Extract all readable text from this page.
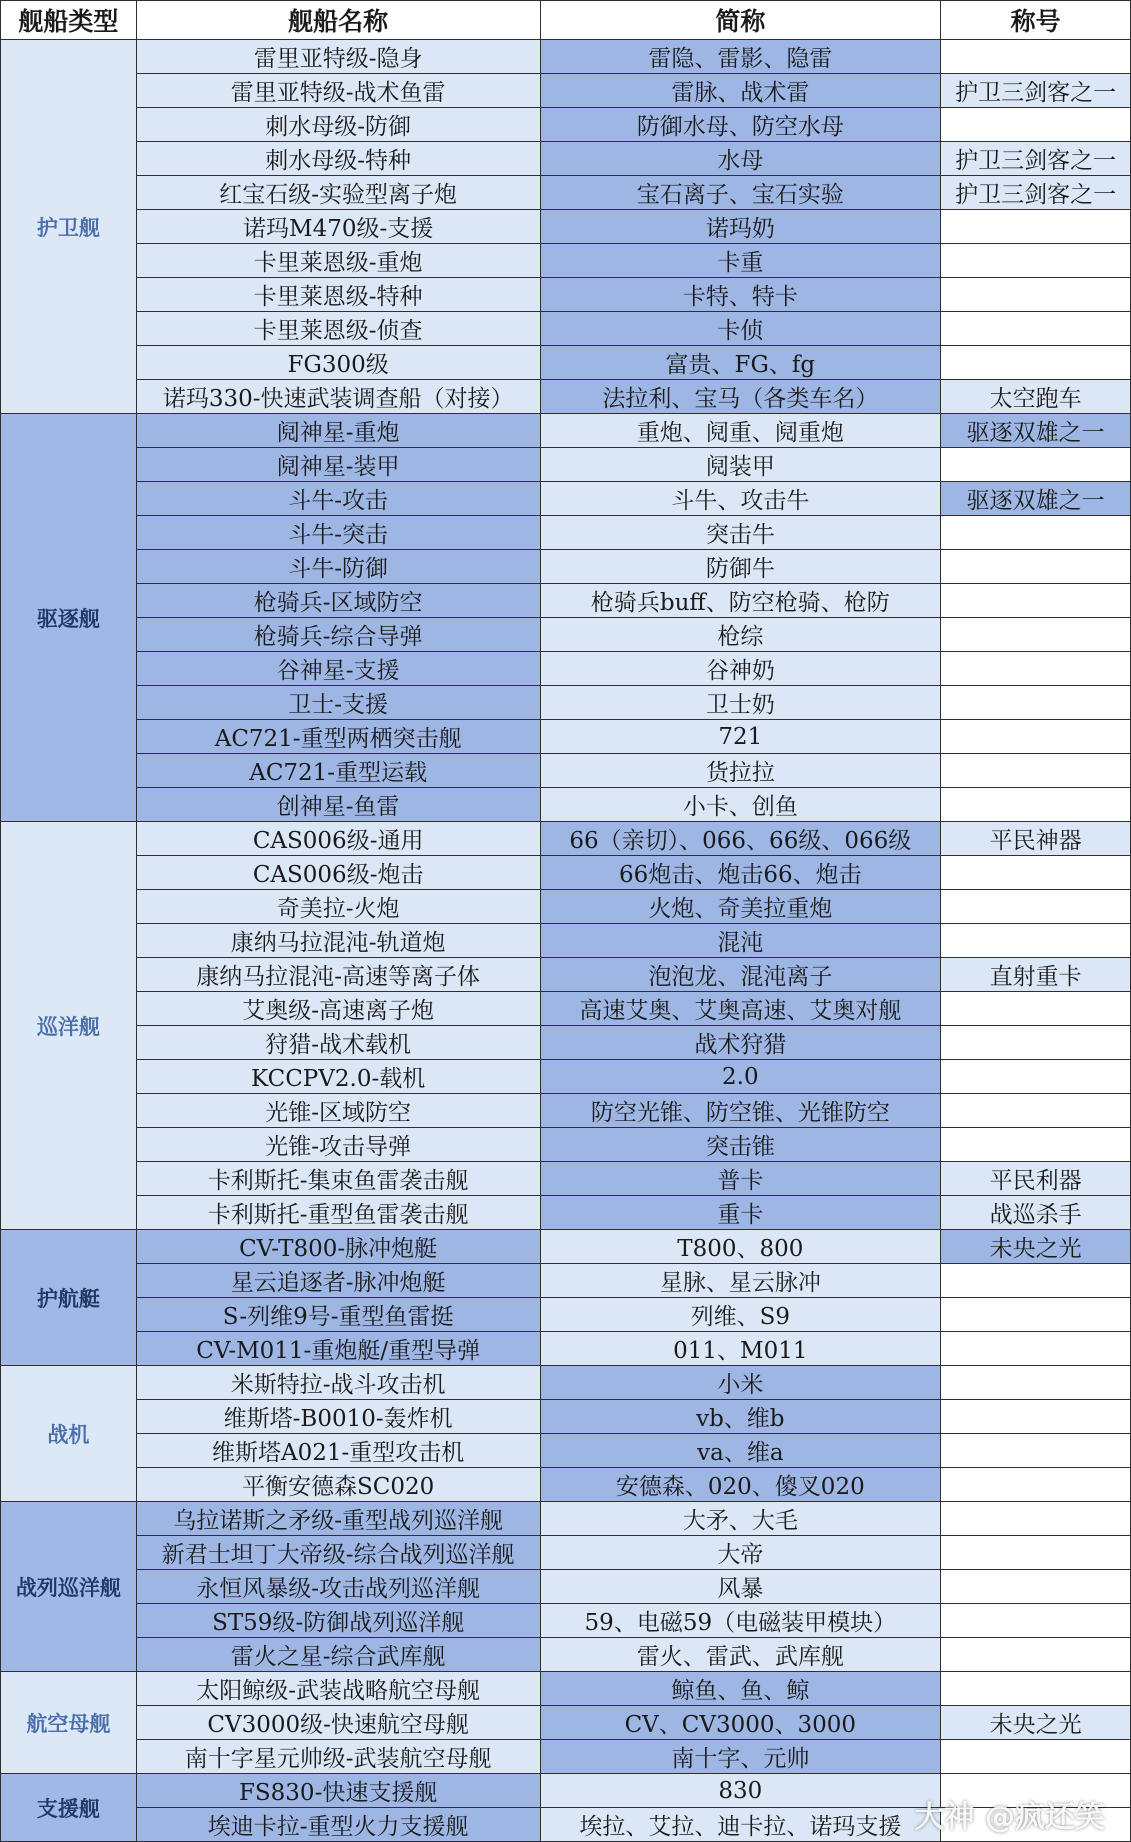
舰船类型	舰船名称	简称	称号
护卫舰	雷里亚特级-隐身	雷隐、雷影、隐雷	
	雷里亚特级-战术鱼雷	雷脉、战术雷	护卫三剑客之一
	刺水母级-防御	防御水母、防空水母	
	刺水母级-特种	水母	护卫三剑客之一
	红宝石级-实验型离子炮	宝石离子、宝石实验	护卫三剑客之一
	诺玛M470级-支援	诺玛奶	
	卡里莱恩级-重炮	卡重	
	卡里莱恩级-特种	卡特、特卡	
	卡里莱恩级-侦查	卡侦	
	FG300级	富贵、FG、fg	
	诺玛330-快速武装调查船（对接）	法拉利、宝马（各类车名）	太空跑车
驱逐舰	阋神星-重炮	重炮、阋重、阋重炮	驱逐双雄之一
	阋神星-装甲	阋装甲	
	斗牛-攻击	斗牛、攻击牛	驱逐双雄之一
	斗牛-突击	突击牛	
	斗牛-防御	防御牛	
	枪骑兵-区域防空	枪骑兵buff、防空枪骑、枪防	
	枪骑兵-综合导弹	枪综	
	谷神星-支援	谷神奶	
	卫士-支援	卫士奶	
	AC721-重型两栖突击舰	721	
	AC721-重型运载	货拉拉	
	创神星-鱼雷	小卡、创鱼	
巡洋舰	CAS006级-通用	66（亲切）、066、66级、066级	平民神器
	CAS006级-炮击	66炮击、炮击66、炮击	
	奇美拉-火炮	火炮、奇美拉重炮	
	康纳马拉混沌-轨道炮	混沌	
	康纳马拉混沌-高速等离子体	泡泡龙、混沌离子	直射重卡
	艾奥级-高速离子炮	高速艾奥、艾奥高速、艾奥对舰	
	狩猎-战术载机	战术狩猎	
	KCCPV2.0-载机	2.0	
	光锥-区域防空	防空光锥、防空锥、光锥防空	
	光锥-攻击导弹	突击锥	
	卡利斯托-集束鱼雷袭击舰	普卡	平民利器
	卡利斯托-重型鱼雷袭击舰	重卡	战巡杀手
护航艇	CV-T800-脉冲炮艇	T800、800	未央之光
	星云追逐者-脉冲炮艇	星脉、星云脉冲	
	S-列维9号-重型鱼雷挺	列维、S9	
	CV-M011-重炮艇/重型导弹	011、M011	
战机	米斯特拉-战斗攻击机	小米	
	维斯塔-B0010-轰炸机	vb、维b	
	维斯塔A021-重型攻击机	va、维a	
	平衡安德森SC020	安德森、020、傻叉020	
战列巡洋舰	乌拉诺斯之矛级-重型战列巡洋舰	大矛、大毛	
	新君士坦丁大帝级-综合战列巡洋舰	大帝	
	永恒风暴级-攻击战列巡洋舰	风暴	
	ST59级-防御战列巡洋舰	59、电磁59（电磁装甲模块）	
	雷火之星-综合武库舰	雷火、雷武、武库舰	
航空母舰	太阳鲸级-武装战略航空母舰	鲸鱼、鱼、鲸	
	CV3000级-快速航空母舰	CV、CV3000、3000	未央之光
	南十字星元帅级-武装航空母舰	南十字、元帅	
支援舰	FS830-快速支援舰	830	
	埃迪卡拉-重型火力支援舰	埃拉、艾拉、迪卡拉、诺玛支援	大神 @疯还笑
